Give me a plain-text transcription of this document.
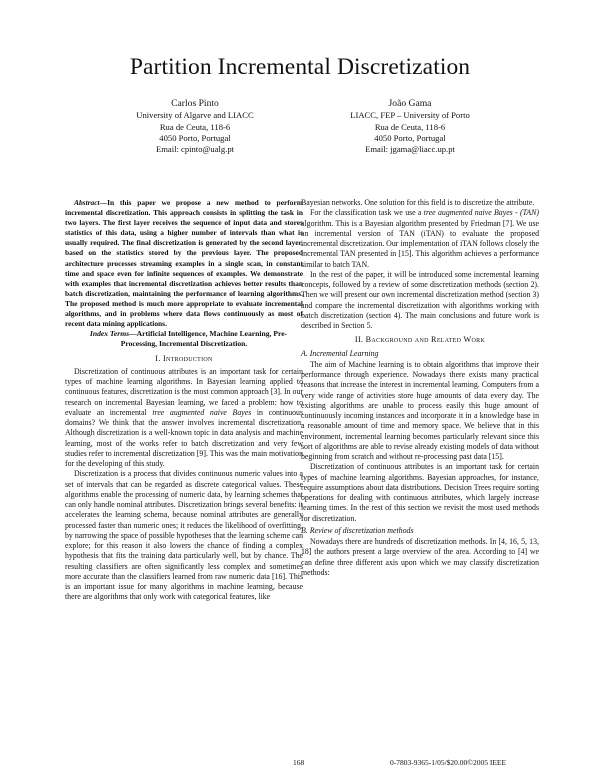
Partition Incremental Discretization
Carlos Pinto
University of Algarve and LIACC
Rua de Ceuta, 118-6
4050 Porto, Portugal
Email: cpinto@ualg.pt
João Gama
LIACC, FEP – University of Porto
Rua de Ceuta, 118-6
4050 Porto, Portugal
Email: jgama@liacc.up.pt

Abstract—In this paper we propose a new method to perform incremental discretization. This approach consists in splitting the task in two layers. The first layer receives the sequence of input data and stores statistics of this data, using a higher number of intervals than what is usually required. The final discretization is generated by the second layer, based on the statistics stored by the previous layer. The proposed architecture processes streaming examples in a single scan, in constant time and space even for infinite sequences of examples. We demonstrate with examples that incremental discretization achieves better results than batch discretization, maintaining the performance of learning algorithms. The proposed method is much more appropriate to evaluate incremental algorithms, and in problems where data flows continuously as most of recent data mining applications.

Index Terms—Artificial Intelligence, Machine Learning, Pre-Processing, Incremental Discretization.

I. Introduction

Discretization of continuous attributes is an important task for certain types of machine learning algorithms. In Bayesian learning applied to continuous features, discretization is the most common approach [3]. In our research on incremental Bayesian learning, we faced a problem: how to evaluate an incremental tree augmented naive Bayes in continuous domains? We think that the answer involves incremental discretization. Although discretization is a well-known topic in data analysis and machine learning, most of the works refer to batch discretization and very few studies refer to incremental discretization [9]. This was the main motivation for the developing of this study.

Discretization is a process that divides continuous numeric values into a set of intervals that can be regarded as discrete categorical values. These algorithms enable the processing of numeric data, by learning schemes that can only handle nominal attributes. Discretization brings several benefits: it accelerates the learning schema, because nominal attributes are generally processed faster than numeric ones; it reduces the likelihood of overfitting, by narrowing the space of possible hypotheses that the learning scheme can explore; for this reason it also lowers the chance of finding a complex hypothesis that fits the training data particularly well, but by chance. The resulting classifiers are often significantly less complex and sometimes more accurate than the classifiers learned from raw numeric data [16]. This is an important issue for many algorithms in machine learning, because there are algorithms that only work with categorical features, like

Bayesian networks. One solution for this field is to discretize the attribute.

For the classification task we use a tree augmented naive Bayes - (TAN) algorithm. This is a Bayesian algorithm presented by Friedman [7]. We use an incremental version of TAN (iTAN) to evaluate the proposed incremental discretization. Our implementation of iTAN follows closely the incremental TAN presented in [15]. This algorithm achieves a performance similar to batch TAN.

In the rest of the paper, it will be introduced some incremental learning concepts, followed by a review of some discretization methods (section 2). Then we will present our own incremental discretization method (section 3) and compare the incremental discretization with algorithms working with batch discretization (section 4). The main conclusions and future work is described in Section 5.

II. Background and Related Work
A. Incremental Learning

The aim of Machine learning is to obtain algorithms that improve their performance through experience. Nowadays there exists many practical reasons that increase the interest in incremental learning. Computers from a very wide range of activities store huge amounts of data every day. The existing algorithms are unable to process easily this huge amount of continuously incoming instances and incorporate it in a knowledge base in a reasonable amount of time and memory space. We believe that in this environment, incremental learning becomes particularly relevant since this sort of algorithms are able to revise already existing models of data without beginning from scratch and without re-processing past data [15].

Discretization of continuous attributes is an important task for certain types of machine learning algorithms. Bayesian approaches, for instance, require assumptions about data distributions. Decision Trees require sorting operations for dealing with continuous attributes, which largely increase learning times. In the rest of this section we revisit the most used methods for discretization.

B. Review of discretization methods

Nowadays there are hundreds of discretization methods. In [4, 16, 5, 13, 18] the authors present a large overview of the area. According to [4] we can define three different axis upon which we may classify discretization methods:

168	0-7803-9365-1/05/$20.00©2005 IEEE
